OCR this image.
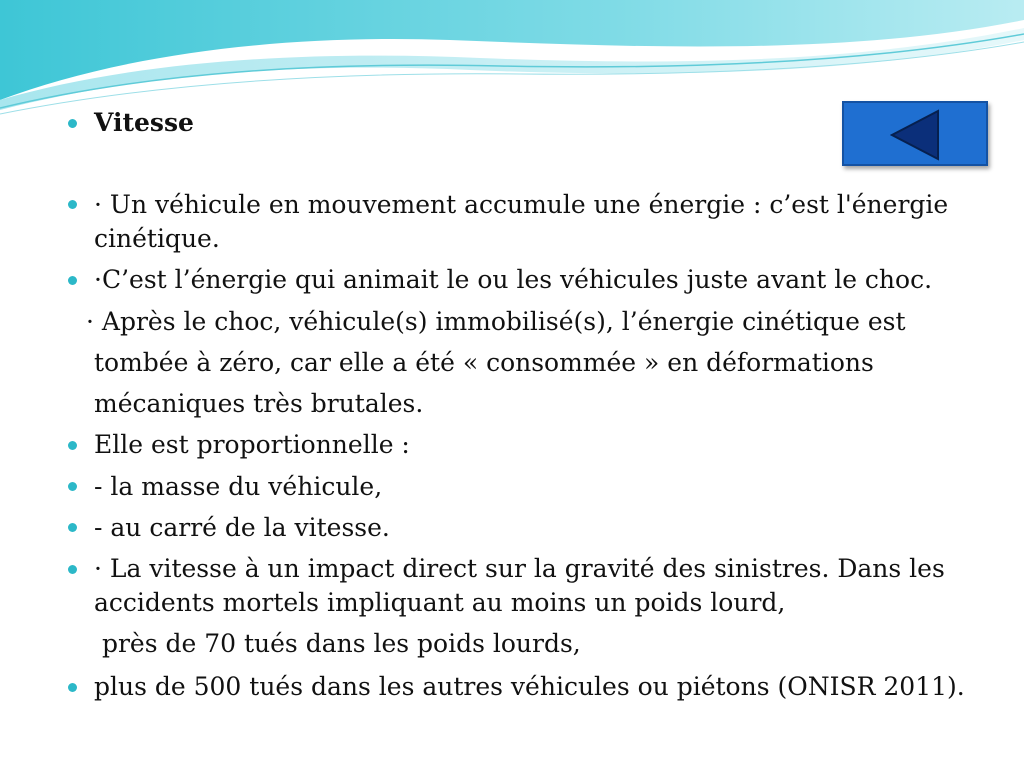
Vitesse
· Un véhicule en mouvement accumule une énergie : c’est l'énergie
cinétique.
·C’est l’énergie qui animait le ou les véhicules juste avant le choc.
· Après le choc, véhicule(s) immobilisé(s), l’énergie cinétique est
tombée à zéro, car elle a été « consommée » en déformations
mécaniques très brutales.
Elle est proportionnelle :
- la masse du véhicule,
- au carré de la vitesse.
· La vitesse à un impact direct sur la gravité des sinistres. Dans les
accidents mortels impliquant au moins un poids lourd,
près de 70 tués dans les poids lourds,
plus de 500 tués dans les autres véhicules ou piétons (ONISR 2011).
